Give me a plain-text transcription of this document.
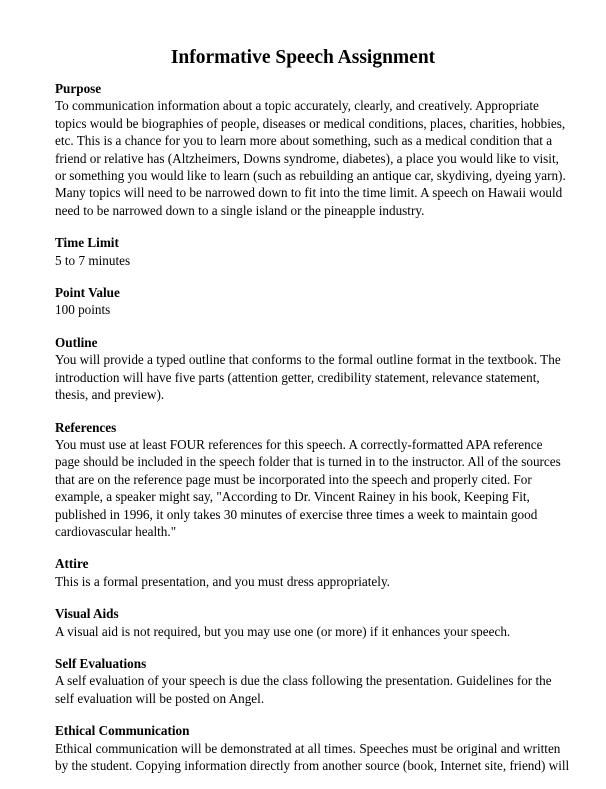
Informative Speech Assignment
Purpose
To communication information about a topic accurately, clearly, and creatively. Appropriate
topics would be biographies of people, diseases or medical conditions, places, charities, hobbies,
etc. This is a chance for you to learn more about something, such as a medical condition that a
friend or relative has (Altzheimers, Downs syndrome, diabetes), a place you would like to visit,
or something you would like to learn (such as rebuilding an antique car, skydiving, dyeing yarn).
Many topics will need to be narrowed down to fit into the time limit. A speech on Hawaii would
need to be narrowed down to a single island or the pineapple industry.
Time Limit
5 to 7 minutes
Point Value
100 points
Outline
You will provide a typed outline that conforms to the formal outline format in the textbook. The
introduction will have five parts (attention getter, credibility statement, relevance statement,
thesis, and preview).
References
You must use at least FOUR references for this speech. A correctly-formatted APA reference
page should be included in the speech folder that is turned in to the instructor. All of the sources
that are on the reference page must be incorporated into the speech and properly cited. For
example, a speaker might say, "According to Dr. Vincent Rainey in his book, Keeping Fit,
published in 1996, it only takes 30 minutes of exercise three times a week to maintain good
cardiovascular health."
Attire
This is a formal presentation, and you must dress appropriately.
Visual Aids
A visual aid is not required, but you may use one (or more) if it enhances your speech.
Self Evaluations
A self evaluation of your speech is due the class following the presentation. Guidelines for the
self evaluation will be posted on Angel.
Ethical Communication
Ethical communication will be demonstrated at all times. Speeches must be original and written
by the student. Copying information directly from another source (book, Internet site, friend) will
